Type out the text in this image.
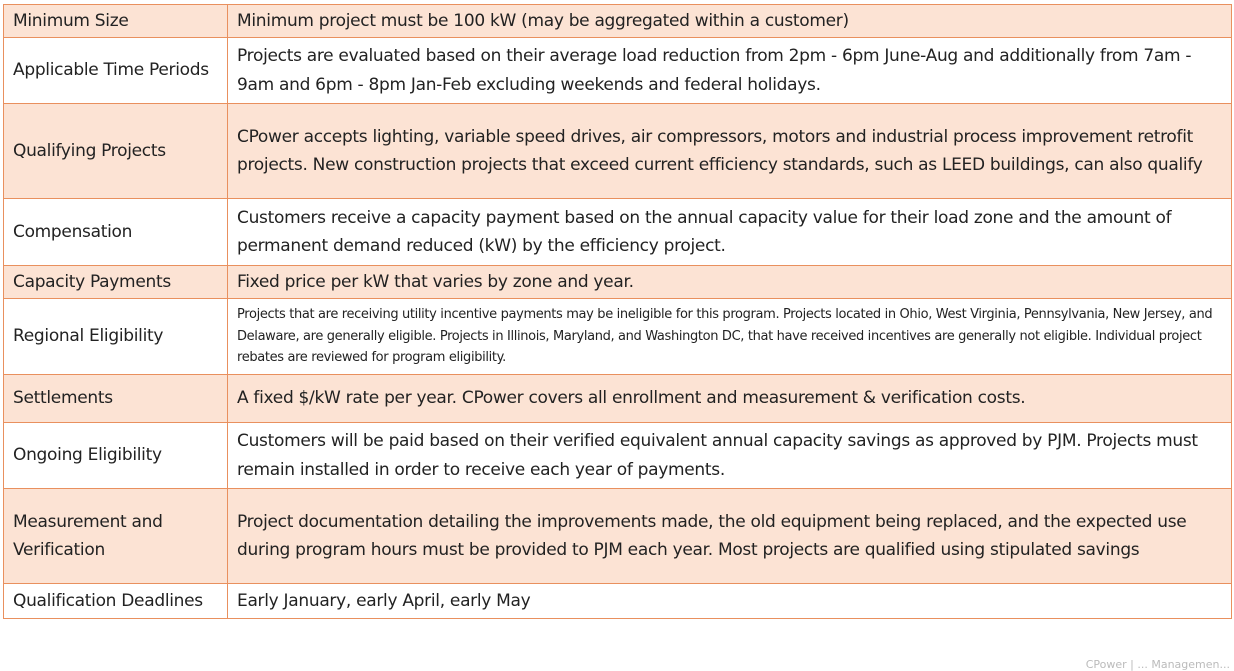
Minimum Size	Minimum project must be 100 kW (may be aggregated within a customer)
Applicable Time Periods	Projects are evaluated based on their average load reduction from 2pm - 6pm June-Aug and additionally from 7am - 9am and 6pm - 8pm Jan-Feb excluding weekends and federal holidays.
Qualifying Projects	CPower accepts lighting, variable speed drives, air compressors, motors and industrial process improvement retrofit projects. New construction projects that exceed current efficiency standards, such as LEED buildings, can also qualify
Compensation	Customers receive a capacity payment based on the annual capacity value for their load zone and the amount of permanent demand reduced (kW) by the efficiency project.
Capacity Payments	Fixed price per kW that varies by zone and year.
Regional Eligibility	Projects that are receiving utility incentive payments may be ineligible for this program. Projects located in Ohio, West Virginia, Pennsylvania, New Jersey, and Delaware, are generally eligible. Projects in Illinois, Maryland, and Washington DC, that have received incentives are generally not eligible. Individual project rebates are reviewed for program eligibility.
Settlements	A fixed $/kW rate per year. CPower covers all enrollment and measurement & verification costs.
Ongoing Eligibility	Customers will be paid based on their verified equivalent annual capacity savings as approved by PJM. Projects must remain installed in order to receive each year of payments.
Measurement and Verification	Project documentation detailing the improvements made, the old equipment being replaced, and the expected use during program hours must be provided to PJM each year. Most projects are qualified using stipulated savings
Qualification Deadlines	Early January, early April, early May
CPower | ... Managemen...
